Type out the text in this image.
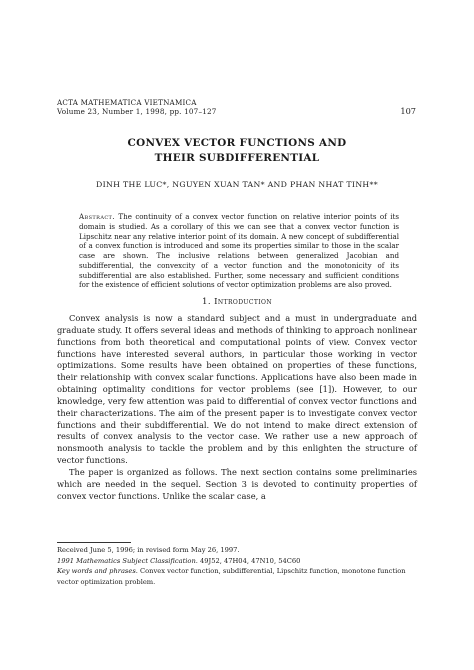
ACTA MATHEMATICA VIETNAMICA
Volume 23, Number 1, 1998, pp. 107–127	107
CONVEX VECTOR FUNCTIONS AND
THEIR SUBDIFFERENTIAL
DINH THE LUC*, NGUYEN XUAN TAN* AND PHAN NHAT TINH**
Abstract. The continuity of a convex vector function on relative interior points of its domain is studied. As a corollary of this we can see that a convex vector function is Lipschitz near any relative interior point of its domain. A new concept of subdifferential of a convex function is introduced and some its properties similar to those in the scalar case are shown. The inclusive relations between generalized Jacobian and subdifferential, the convexcity of a vector function and the monotonicity of its subdifferential are also established. Further, some necessary and sufficient conditions for the existence of efficient solutions of vector optimization problems are also proved.
1. Introduction

Convex analysis is now a standard subject and a must in undergraduate and graduate study. It offers several ideas and methods of thinking to approach nonlinear functions from both theoretical and computational points of view. Convex vector functions have interested several authors, in particular those working in vector optimizations. Some results have been obtained on properties of these functions, their relationship with convex scalar functions. Applications have also been made in obtaining optimality conditions for vector problems (see [1]). However, to our knowledge, very few attention was paid to differential of convex vector functions and their characterizations. The aim of the present paper is to investigate convex vector functions and their subdifferential. We do not intend to make direct extension of results of convex analysis to the vector case. We rather use a new approach of nonsmooth analysis to tackle the problem and by this enlighten the structure of vector functions.

The paper is organized as follows. The next section contains some preliminaries which are needed in the sequel. Section 3 is devoted to continuity properties of convex vector functions. Unlike the scalar case, a

Received June 5, 1996; in revised form May 26, 1997.
1991 Mathematics Subject Classification. 49J52, 47H04, 47N10, 54C60
Key words and phrases. Convex vector function, subdifferential, Lipschitz function, monotone function vector optimization problem.
